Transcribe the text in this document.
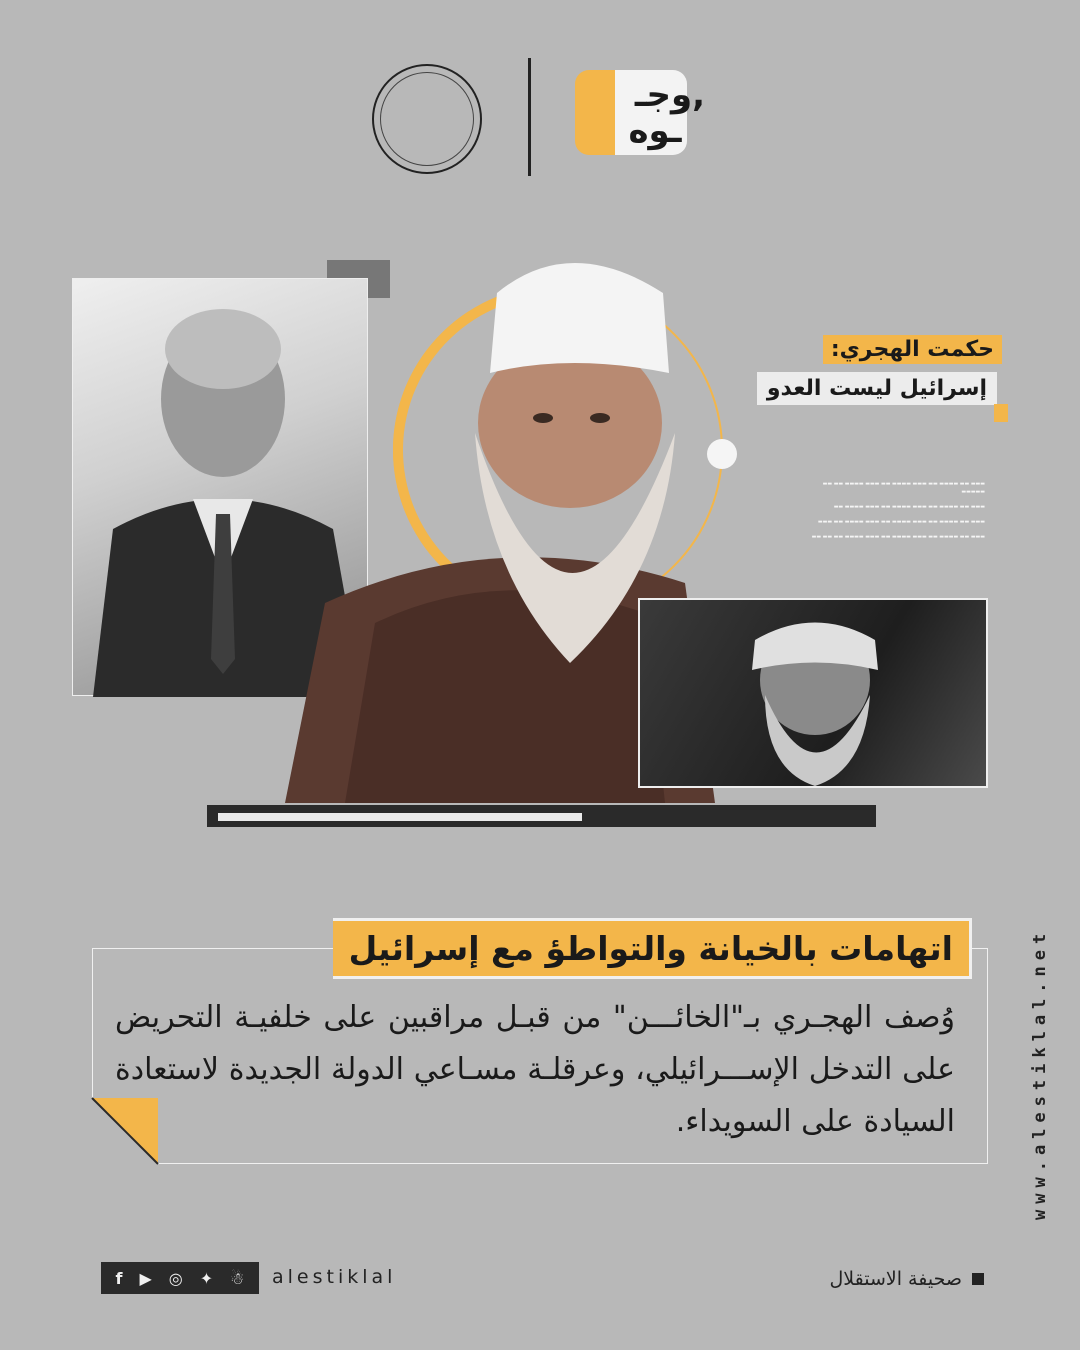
وجـ,
ـوه
حكمت الهجري:
إسرائيل ليست العدو

▬▬▬ ▬▬ ▬▬▬▬ ▬▬ ▬▬▬ ▬▬▬▬ ▬▬ ▬▬▬ ▬▬▬▬ ▬▬ ▬▬ ▬▬▬▬▬

▬▬▬ ▬▬ ▬▬▬▬ ▬▬ ▬▬▬ ▬▬▬▬ ▬▬ ▬▬▬ ▬▬▬▬ ▬▬

▬▬▬ ▬▬ ▬▬▬▬ ▬▬ ▬▬▬ ▬▬▬▬ ▬▬ ▬▬▬ ▬▬▬▬ ▬▬ ▬▬▬

▬▬▬ ▬▬ ▬▬▬▬ ▬▬ ▬▬▬ ▬▬▬▬ ▬▬ ▬▬▬ ▬▬▬▬ ▬▬ ▬▬ ▬▬

اتهامات بالخيانة والتواطؤ مع إسرائيل
وُصف الهجـري بـ"الخائـــن" من قبـل مراقبين على خلفيـة التحريض على التدخل الإســـرائيلي، وعرقلـة مسـاعي الدولة الجديدة لاستعادة السيادة على السويداء.	www.alestiklal.net
f ▶ ◎ ✦ ☃ alestiklal	صحيفة الاستقلال
